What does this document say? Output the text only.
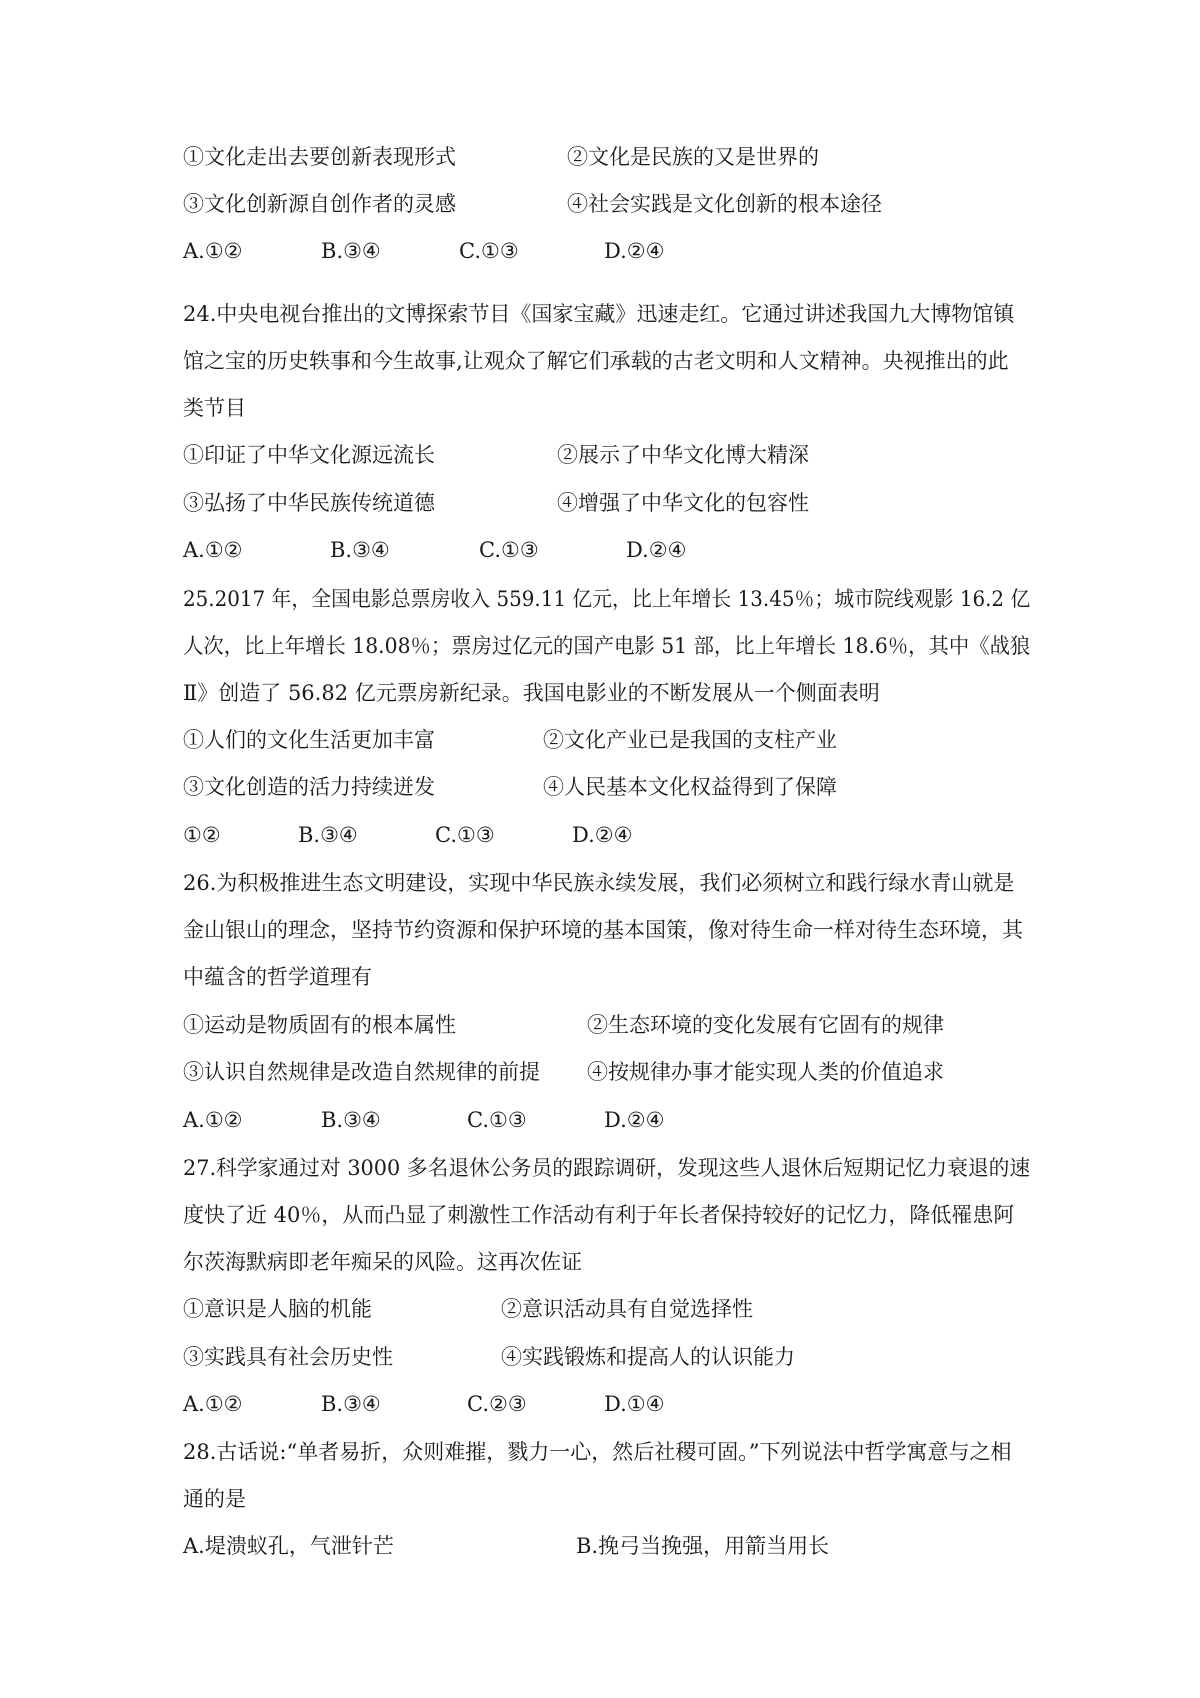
①文化走出去要创新表现形式	②文化是民族的又是世界的
③文化创新源自创作者的灵感	④社会实践是文化创新的根本途径
A.①②	B.③④	C.①③	D.②④
24.中央电视台推出的文博探索节目《国家宝藏》迅速走红。它通过讲述我国九大博物馆镇
馆之宝的历史轶事和今生故事,让观众了解它们承载的古老文明和人文精神。央视推出的此
类节目
①印证了中华文化源远流长	②展示了中华文化博大精深
③弘扬了中华民族传统道德	④增强了中华文化的包容性
A.①②	B.③④	C.①③	D.②④
25.2017 年，全国电影总票房收入 559.11 亿元，比上年增长 13.45％；城市院线观影 16.2 亿
人次，比上年增长 18.08％；票房过亿元的国产电影 51 部，比上年增长 18.6％，其中《战狼
Ⅱ》创造了 56.82 亿元票房新纪录。我国电影业的不断发展从一个侧面表明
①人们的文化生活更加丰富	②文化产业已是我国的支柱产业
③文化创造的活力持续迸发	④人民基本文化权益得到了保障
①②	B.③④	C.①③	D.②④
26.为积极推进生态文明建设，实现中华民族永续发展，我们必须树立和践行绿水青山就是
金山银山的理念，坚持节约资源和保护环境的基本国策，像对待生命一样对待生态环境，其
中蕴含的哲学道理有
①运动是物质固有的根本属性	②生态环境的变化发展有它固有的规律
③认识自然规律是改造自然规律的前提 ④按规律办事才能实现人类的价值追求
A.①②	B.③④	C.①③	D.②④
27.科学家通过对 3000 多名退休公务员的跟踪调研，发现这些人退休后短期记忆力衰退的速
度快了近 40％，从而凸显了刺激性工作活动有利于年长者保持较好的记忆力，降低罹患阿
尔茨海默病即老年痴呆的风险。这再次佐证
①意识是人脑的机能	②意识活动具有自觉选择性
③实践具有社会历史性	④实践锻炼和提高人的认识能力
A.①②	B.③④	C.②③	D.①④
28.古话说:“单者易折，众则难摧，戮力一心，然后社稷可固。”下列说法中哲学寓意与之相
通的是
A.堤溃蚁孔，气泄针芒	B.挽弓当挽强，用箭当用长
